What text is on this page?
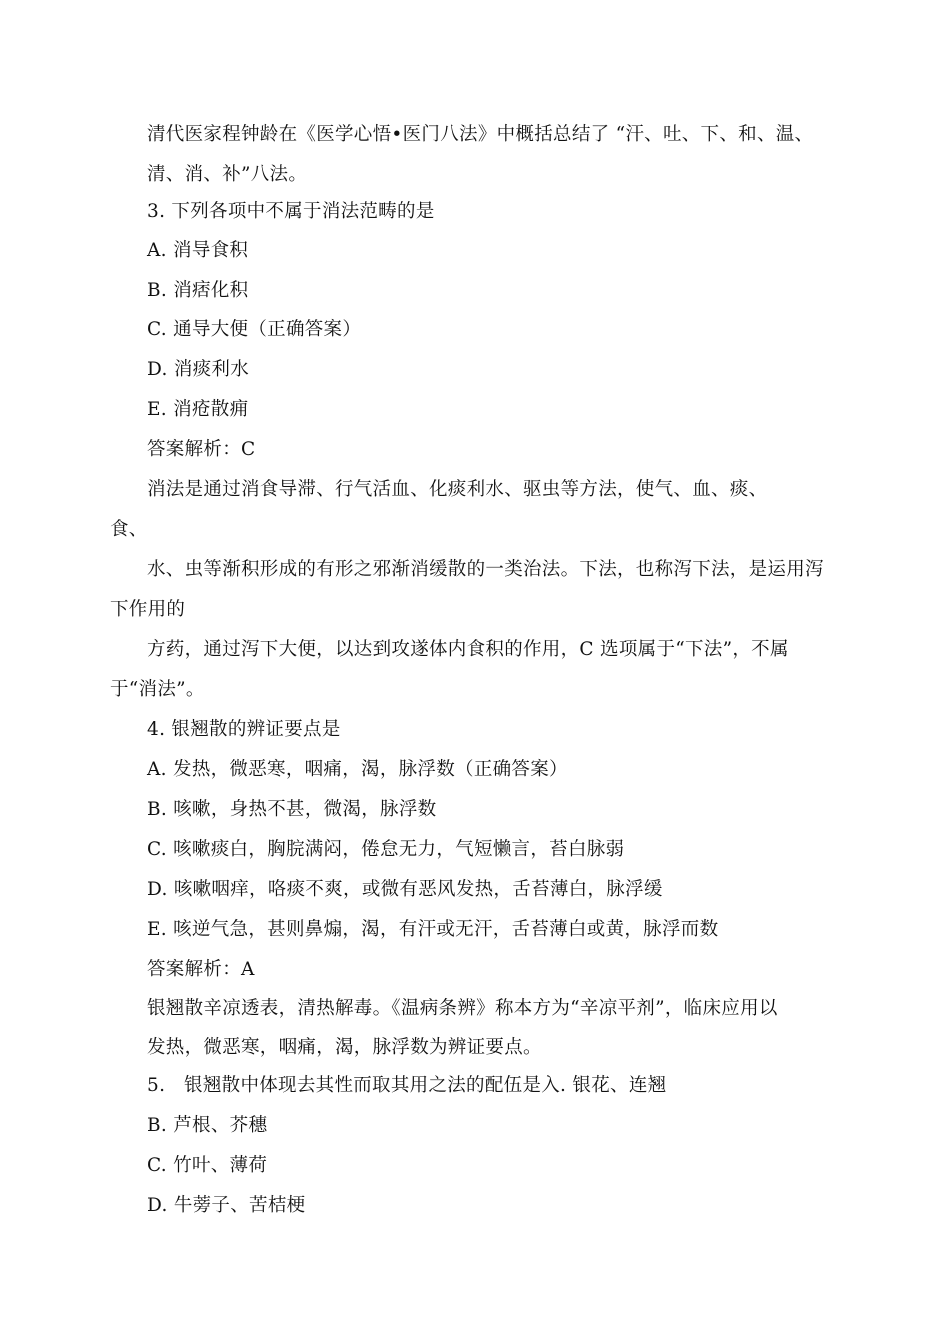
清代医家程钟龄在《医学心悟•医门八法》中概括总结了 “汗、吐、下、和、温、
清、消、补”八法。
3. 下列各项中不属于消法范畴的是
A. 消导食积
B. 消痞化积
C. 通导大便（正确答案）
D. 消痰利水
E. 消疮散痈
答案解析：C
消法是通过消食导滞、行气活血、化痰利水、驱虫等方法，使气、血、痰、
食、
水、虫等渐积形成的有形之邪渐消缓散的一类治法。下法，也称泻下法，是运用泻
下作用的
方药，通过泻下大便，以达到攻遂体内食积的作用，C 选项属于“下法”，不属
于“消法”。
4. 银翘散的辨证要点是
A. 发热，微恶寒，咽痛，渴，脉浮数（正确答案）
B. 咳嗽，身热不甚，微渴，脉浮数
C. 咳嗽痰白，胸脘满闷，倦怠无力，气短懒言，苔白脉弱
D. 咳嗽咽痒，咯痰不爽，或微有恶风发热，舌苔薄白，脉浮缓
E. 咳逆气急，甚则鼻煽，渴，有汗或无汗，舌苔薄白或黄，脉浮而数
答案解析：A
银翘散辛凉透表，清热解毒。《温病条辨》称本方为“辛凉平剂”，临床应用以
发热，微恶寒，咽痛，渴，脉浮数为辨证要点。
5.　银翘散中体现去其性而取其用之法的配伍是入. 银花、连翘
B. 芦根、芥穗
C. 竹叶、薄荷
D. 牛蒡子、苦桔梗
